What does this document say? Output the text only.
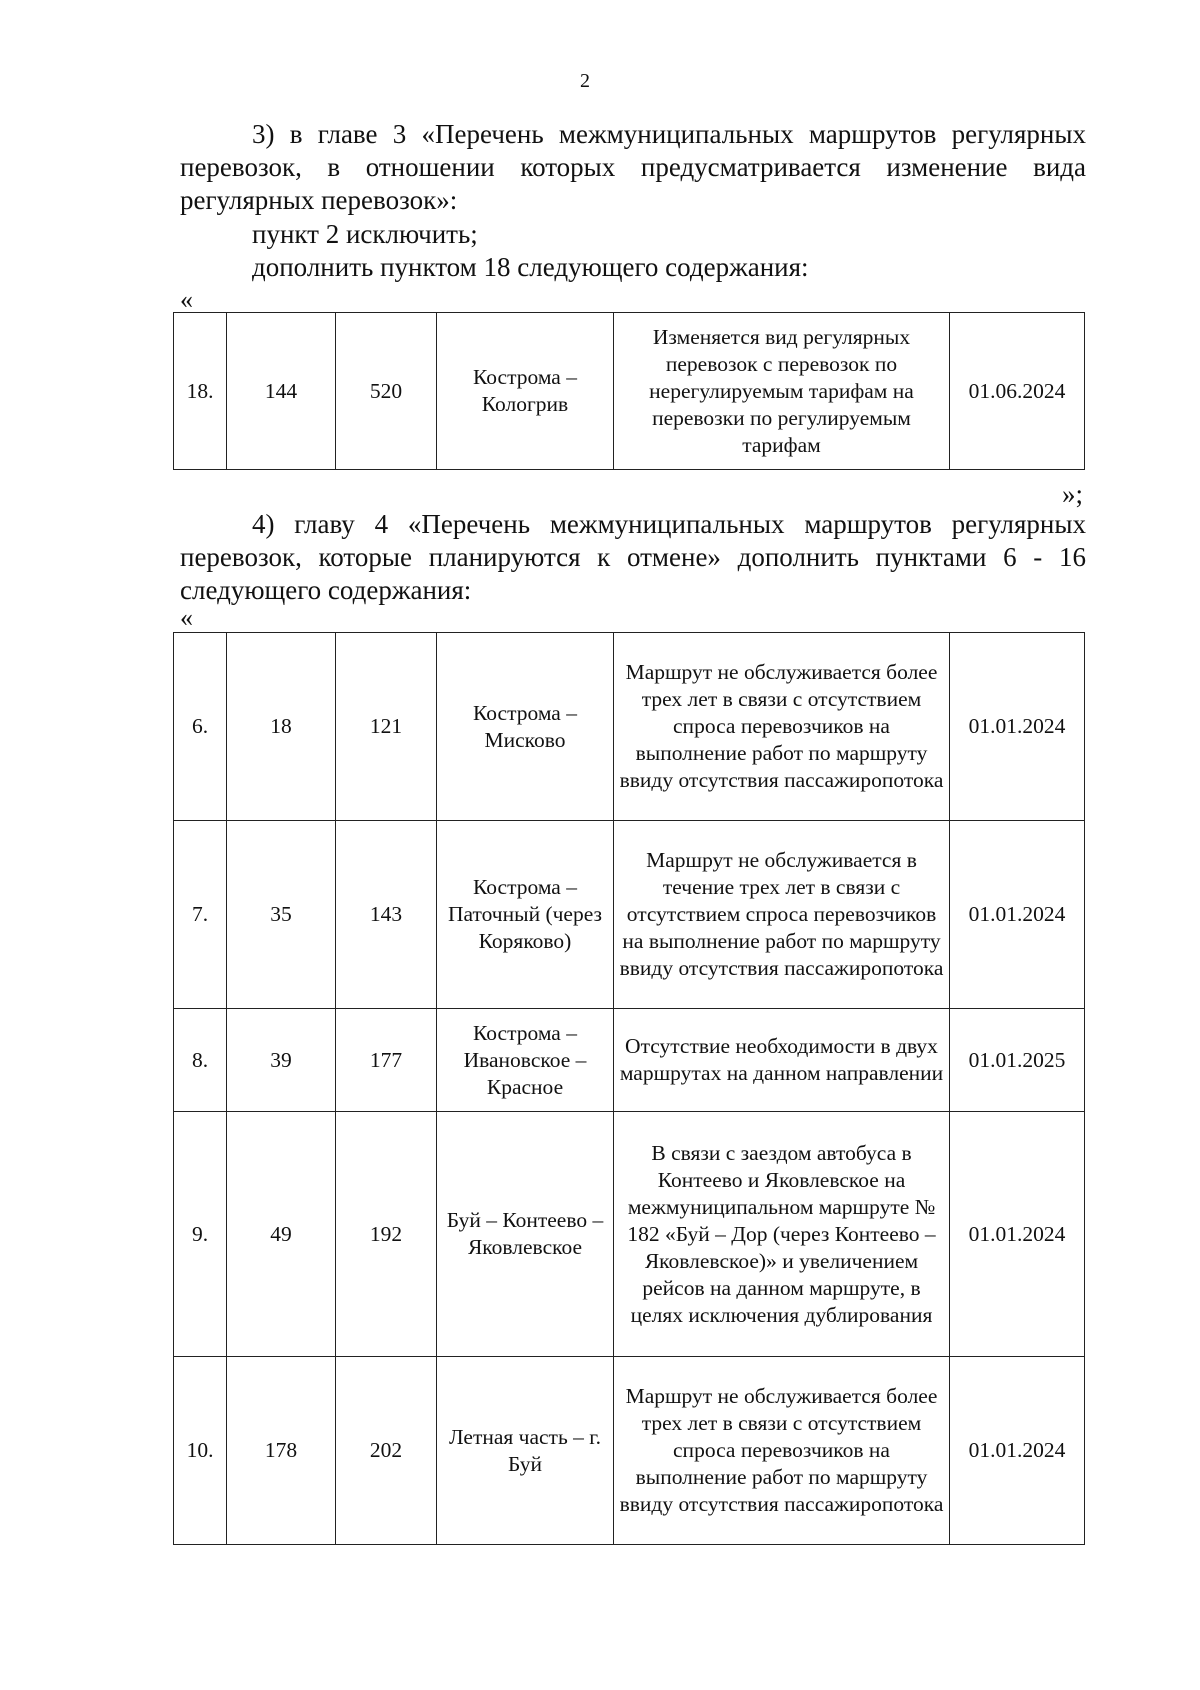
2
3) в главе 3 «Перечень межмуниципальных маршрутов регулярных
перевозок, в отношении которых предусматривается изменение вида
регулярных перевозок»:
пункт 2 исключить;
дополнить пунктом 18 следующего содержания:
«
18.	144	520	Кострома – Кологрив	Изменяется вид регулярных перевозок с перевозок по нерегулируемым тарифам на перевозки по регулируемым тарифам	01.06.2024
»;
4) главу 4 «Перечень межмуниципальных маршрутов регулярных
перевозок, которые планируются к отмене» дополнить пунктами 6 - 16
следующего содержания:
«
6.	18	121	Кострома – Мисково	Маршрут не обслуживается более трех лет в связи с отсутствием спроса перевозчиков на выполнение работ по маршруту ввиду отсутствия пассажиропотока	01.01.2024
7.	35	143	Кострома – Паточный (через Коряково)	Маршрут не обслуживается в течение трех лет в связи с отсутствием спроса перевозчиков на выполнение работ по маршруту ввиду отсутствия пассажиропотока	01.01.2024
8.	39	177	Кострома – Ивановское – Красное	Отсутствие необходимости в двух маршрутах на данном направлении	01.01.2025
9.	49	192	Буй – Контеево – Яковлевское	В связи с заездом автобуса в Контеево и Яковлевское на межмуниципальном маршруте № 182 «Буй – Дор (через Контеево – Яковлевское)» и увеличением рейсов на данном маршруте, в целях исключения дублирования	01.01.2024
10.	178	202	Летная часть – г. Буй	Маршрут не обслуживается более трех лет в связи с отсутствием спроса перевозчиков на выполнение работ по маршруту ввиду отсутствия пассажиропотока	01.01.2024
